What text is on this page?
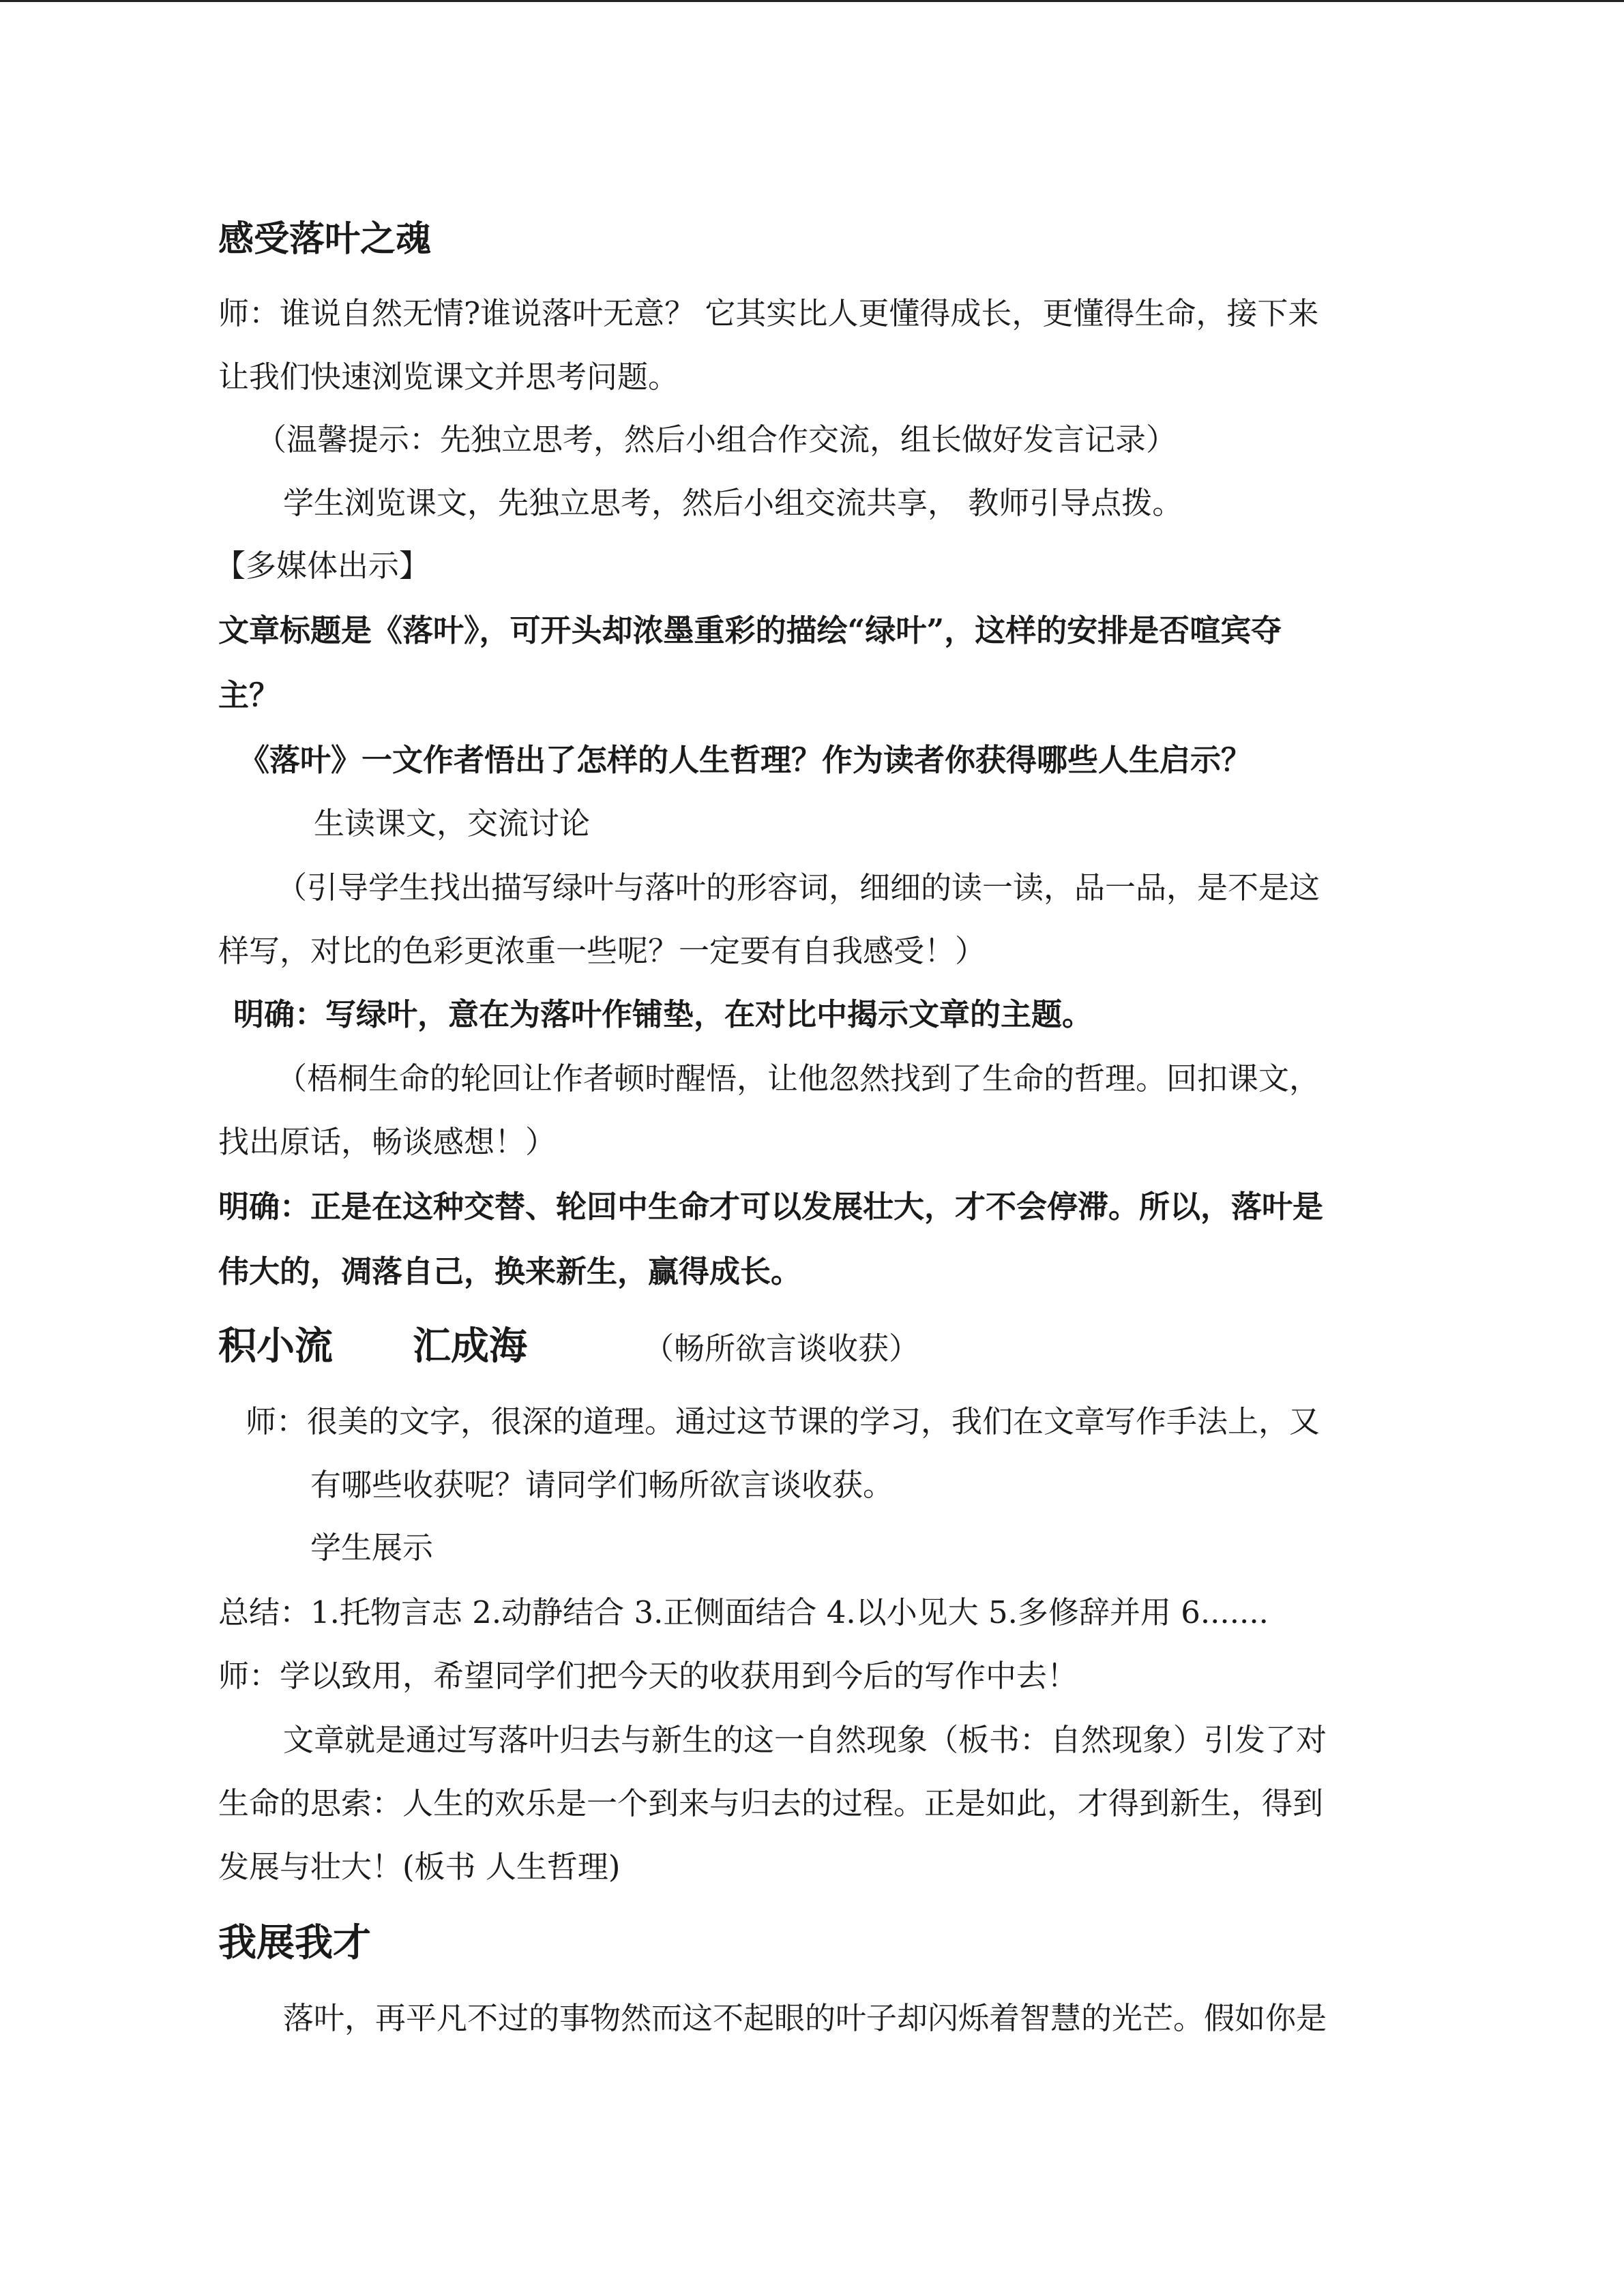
感受落叶之魂
师：谁说自然无情?谁说落叶无意？ 它其实比人更懂得成长，更懂得生命，接下来
让我们快速浏览课文并思考问题。
（温馨提示：先独立思考，然后小组合作交流，组长做好发言记录）
学生浏览课文，先独立思考，然后小组交流共享， 教师引导点拨。
【多媒体出示】
文章标题是《落叶》，可开头却浓墨重彩的描绘“绿叶”，这样的安排是否喧宾夺
主？
《落叶》一文作者悟出了怎样的人生哲理？作为读者你获得哪些人生启示？
生读课文，交流讨论
（引导学生找出描写绿叶与落叶的形容词，细细的读一读，品一品，是不是这
样写，对比的色彩更浓重一些呢？一定要有自我感受！）
明确：写绿叶，意在为落叶作铺垫，在对比中揭示文章的主题。
（梧桐生命的轮回让作者顿时醒悟，让他忽然找到了生命的哲理。回扣课文，
找出原话，畅谈感想！）
明确：正是在这种交替、轮回中生命才可以发展壮大，才不会停滞。所以，落叶是
伟大的，凋落自己，换来新生，赢得成长。
积小流      汇成海	（畅所欲言谈收获）
师：很美的文字，很深的道理。通过这节课的学习，我们在文章写作手法上，又
有哪些收获呢？请同学们畅所欲言谈收获。
学生展示
总结：1.托物言志 2.动静结合 3.正侧面结合 4.以小见大 5.多修辞并用 6.......
师：学以致用，希望同学们把今天的收获用到今后的写作中去！
文章就是通过写落叶归去与新生的这一自然现象（板书：自然现象）引发了对
生命的思索：人生的欢乐是一个到来与归去的过程。正是如此，才得到新生，得到
发展与壮大！(板书 人生哲理)
我展我才
落叶，再平凡不过的事物然而这不起眼的叶子却闪烁着智慧的光芒。假如你是
